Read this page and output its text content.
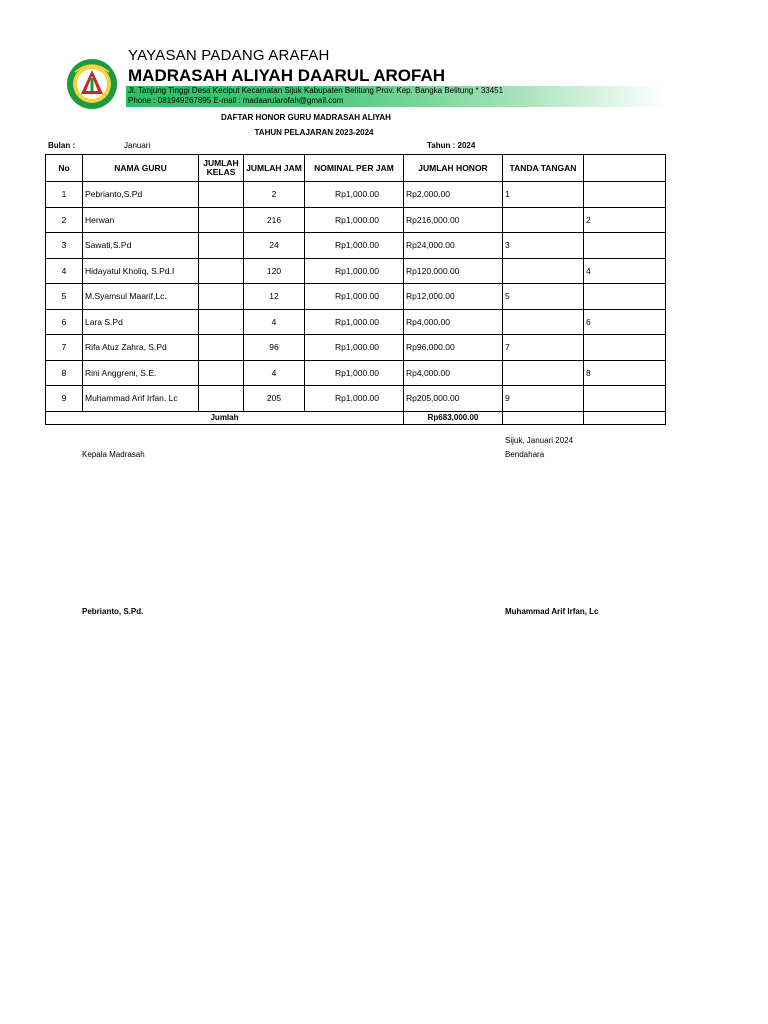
YAYASAN PADANG ARAFAH
MADRASAH ALIYAH DAARUL AROFAH
Jl. Tanjung Tinggi Desa Keciput Kecamatan Sijuk Kabupaten Belitung Prov. Kep. Bangka Belitung * 33451
Phone : 081949267895 E-mail : madaarularofah@gmail.com
DAFTAR HONOR GURU MADRASAH ALIYAH
TAHUN PELAJARAN 2023-2024
Bulan :	Januari	Tahun : 2024
No	NAMA GURU	JUMLAH KELAS	JUMLAH JAM	NOMINAL PER JAM	JUMLAH HONOR	TANDA TANGAN	
1	Pebrianto,S.Pd		2	Rp1,000.00	Rp2,000.00	1	
2	Herwan		216	Rp1,000.00	Rp216,000.00		2
3	Sawati,S.Pd		24	Rp1,000.00	Rp24,000.00	3	
4	Hidayatul Kholiq, S.Pd.I		120	Rp1,000.00	Rp120,000.00		4
5	M.Syamsul Maarif,Lc.		12	Rp1,000.00	Rp12,000.00	5	
6	Lara S.Pd		4	Rp1,000.00	Rp4,000.00		6
7	Rifa Atuz Zahra, S.Pd		96	Rp1,000.00	Rp96,000.00	7	
8	Rini Anggreni, S.E.		4	Rp1,000.00	Rp4,000.00		8
9	Muhammad Arif Irfan. Lc		205	Rp1,000.00	Rp205,000.00	9	
Jumlah					Rp683,000.00		
Sijuk, Januari 2024
Kepala Madrasah	Bendahara
Pebrianto, S.Pd.	Muhammad Arif Irfan, Lc
